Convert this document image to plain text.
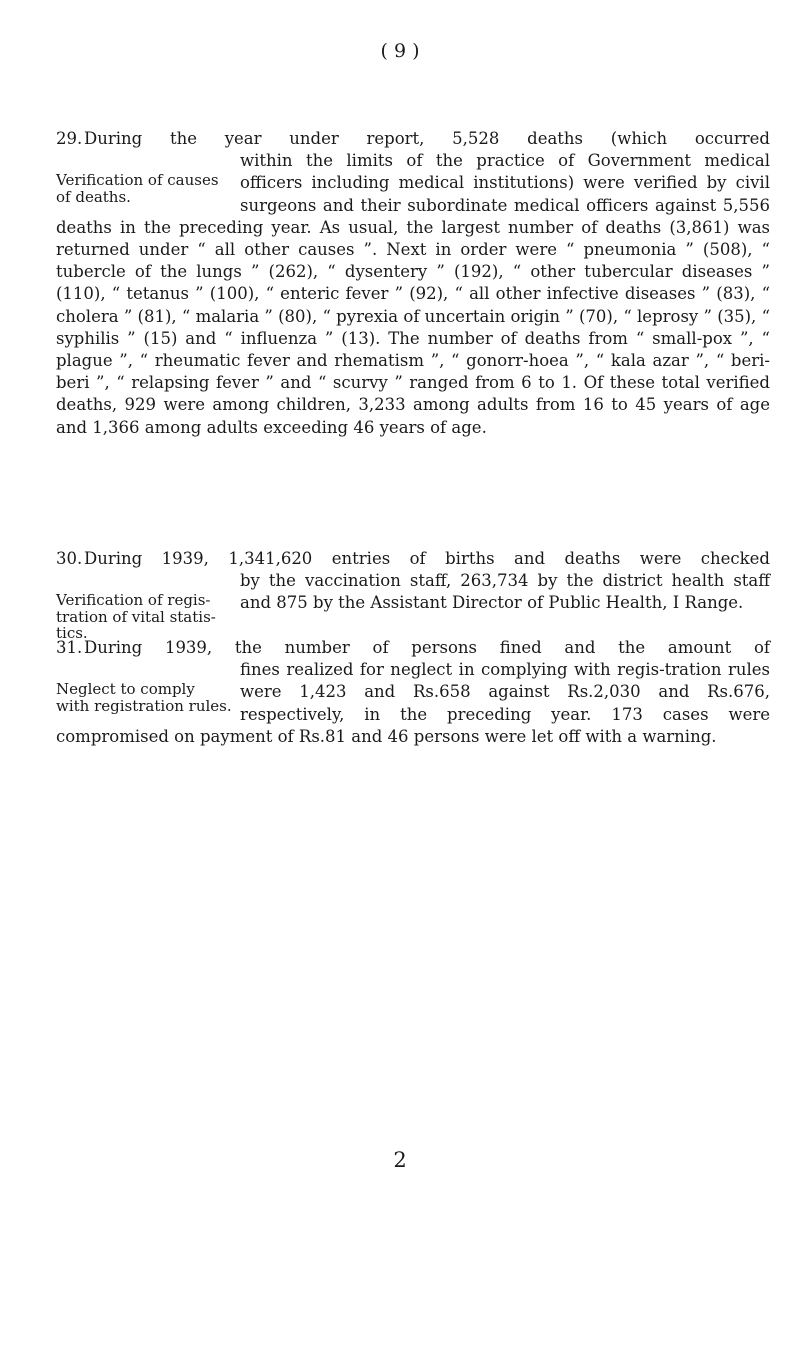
( 9 )

29. During the year under report, 5,528 deaths (which occurred

Verification of causes of deaths.

within the limits of the practice of Government medical officers including medical institutions) were verified by civil surgeons and their subordinate medical officers against 5,556 deaths in the preceding year. As usual, the largest number of deaths (3,861) was returned under “ all other causes ”. Next in order were “ pneumonia ” (508), “ tubercle of the lungs ” (262), “ dysentery ” (192), “ other tubercular diseases ” (110), “ tetanus ” (100), “ enteric fever ” (92), “ all other infective diseases ” (83), “ cholera ” (81), “ malaria ” (80), “ pyrexia of uncertain origin ” (70), “ leprosy ” (35), “ syphilis ” (15) and “ influenza ” (13). The number of deaths from “ small-pox ”, “ plague ”, “ rheumatic fever and rhematism ”, “ gonorr-hoea ”, “ kala azar ”, “ beri-beri ”, “ relapsing fever ” and “ scurvy ” ranged from 6 to 1. Of these total verified deaths, 929 were among children, 3,233 among adults from 16 to 45 years of age and 1,366 among adults exceeding 46 years of age.

30. During 1939, 1,341,620 entries of births and deaths were checked

Verification of regis-tration of vital statis-tics.

by the vaccination staff, 263,734 by the district health staff and 875 by the Assistant Director of Public Health, I Range.

31. During 1939, the number of persons fined and the amount of

Neglect to comply with registration rules.

fines realized for neglect in complying with regis-tration rules were 1,423 and Rs.658 against Rs.2,030 and Rs.676, respectively, in the preceding year. 173 cases were compromised on payment of Rs.81 and 46 persons were let off with a warning.

2
